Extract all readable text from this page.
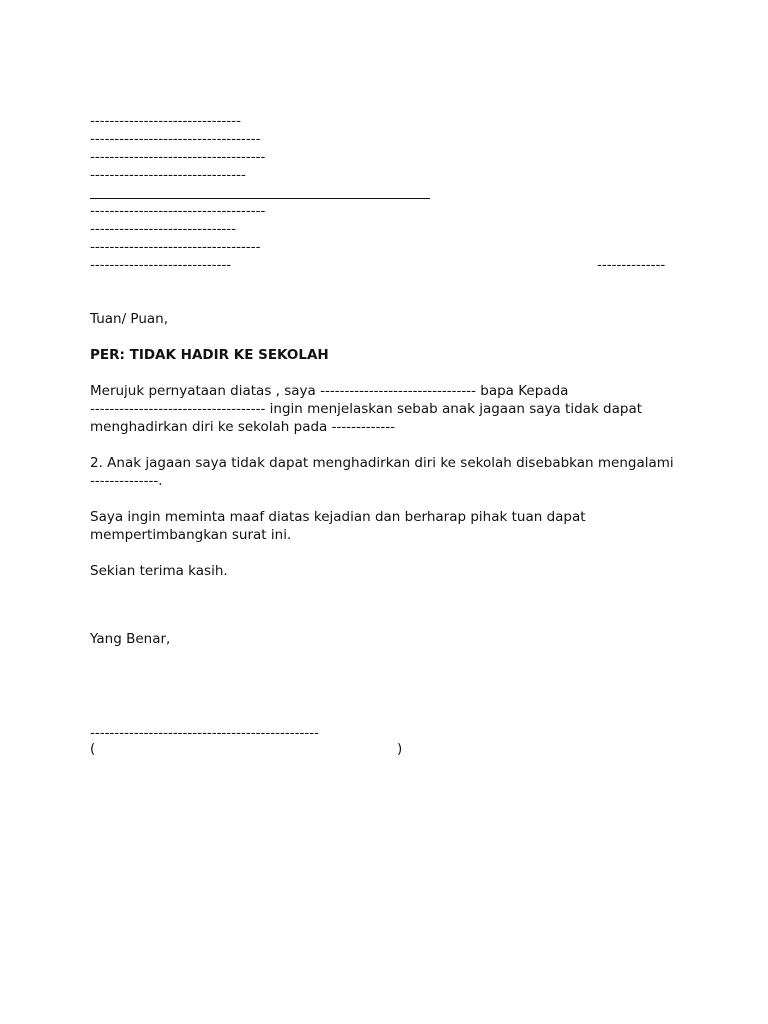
-------------------------------
-----------------------------------
------------------------------------
--------------------------------
------------------------------------
------------------------------
-----------------------------------
-----------------------------	--------------
Tuan/ Puan,
PER: TIDAK HADIR KE SEKOLAH
Merujuk pernyataan diatas , saya -------------------------------- bapa Kepada
------------------------------------ ingin menjelaskan sebab anak jagaan saya tidak dapat
menghadirkan diri ke sekolah pada -------------
2. Anak jagaan saya tidak dapat menghadirkan diri ke sekolah disebabkan mengalami
--------------.
Saya ingin meminta maaf diatas kejadian dan berharap pihak tuan dapat
mempertimbangkan surat ini.
Sekian terima kasih.
Yang Benar,
-----------------------------------------------
(	)
